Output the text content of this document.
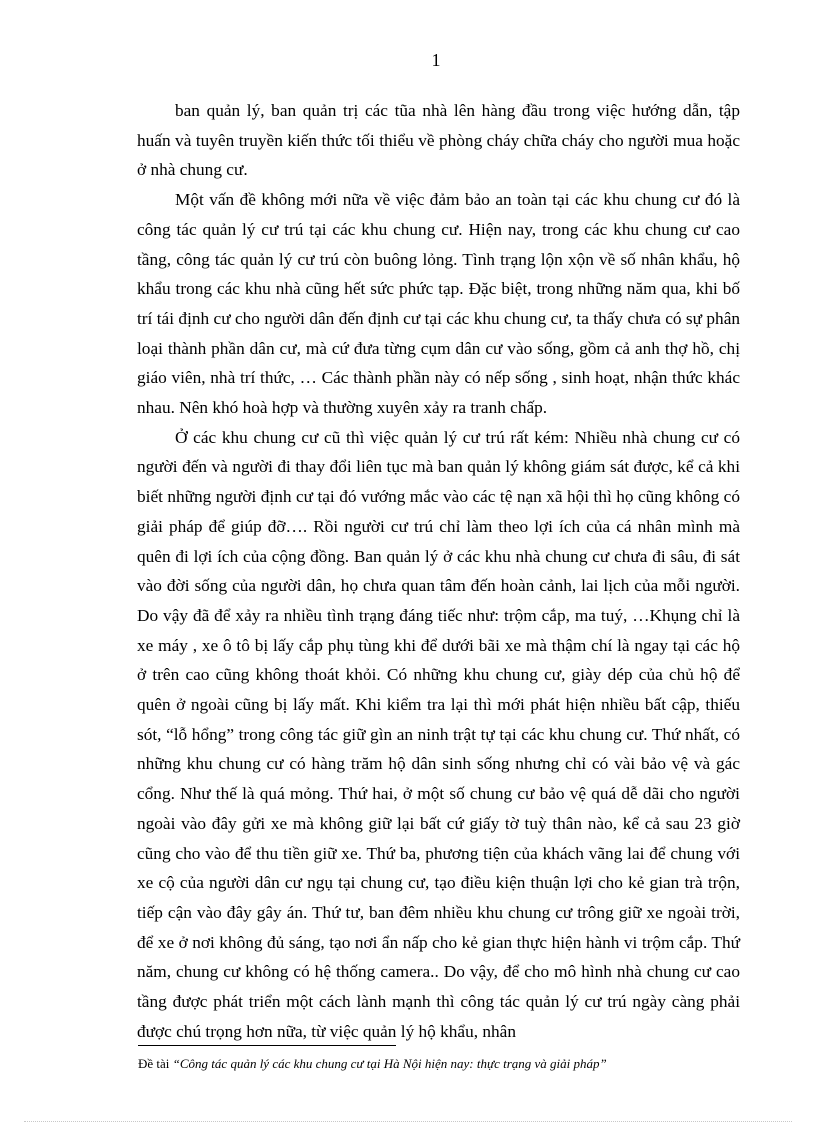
1

ban quản lý, ban quản trị các tũa nhà lên hàng đầu trong việc hướng dẫn, tập huấn và tuyên truyền kiến thức tối thiểu về phòng cháy chữa cháy cho người mua hoặc ở nhà chung cư.

Một vấn đề không mới nữa về việc đảm bảo an toàn tại các khu chung cư đó là công tác quản lý cư trú tại các khu chung cư. Hiện nay, trong các khu chung cư cao tầng, công tác quản lý cư trú còn buông lỏng. Tình trạng lộn xộn về số nhân khẩu, hộ khẩu trong các khu nhà cũng hết sức phức tạp. Đặc biệt, trong những năm qua, khi bố trí tái định cư cho người dân đến định cư tại các khu chung cư, ta thấy chưa có sự phân loại thành phần dân cư, mà cứ đưa từng cụm dân cư vào sống, gồm cả anh thợ hồ, chị giáo viên, nhà trí thức, … Các thành phần này có nếp sống , sinh hoạt, nhận thức khác nhau. Nên khó hoà hợp và thường xuyên xảy ra tranh chấp.

Ở các khu chung cư cũ thì việc quản lý cư trú rất kém: Nhiều nhà chung cư có người đến và người đi thay đổi liên tục mà ban quản lý không giám sát được, kể cả khi biết những người định cư tại đó vướng mắc vào các tệ nạn xã hội thì họ cũng không có giải pháp để giúp đỡ…. Rồi người cư trú chỉ làm theo lợi ích của cá nhân mình mà quên đi lợi ích của cộng đồng. Ban quản lý ở các khu nhà chung cư chưa đi sâu, đi sát vào đời sống của người dân, họ chưa quan tâm đến hoàn cảnh, lai lịch của mỗi người. Do vậy đã để xảy ra nhiều tình trạng đáng tiếc như: trộm cắp, ma tuý, …Khụng chỉ là xe máy , xe ô tô bị lấy cắp phụ tùng khi để dưới bãi xe mà thậm chí là ngay tại các hộ ở trên cao cũng không thoát khỏi. Có những khu chung cư, giày dép của chủ hộ để quên ở ngoài cũng bị lấy mất. Khi kiểm tra lại thì mới phát hiện nhiều bất cập, thiếu sót, “lỗ hổng” trong công tác giữ gìn an ninh trật tự tại các khu chung cư. Thứ nhất, có những khu chung cư có hàng trăm hộ dân sinh sống nhưng chỉ có vài bảo vệ và gác cổng. Như thế là quá mỏng. Thứ hai, ở một số chung cư bảo vệ quá dễ dãi cho người ngoài vào đây gửi xe mà không giữ lại bất cứ giấy tờ tuỳ thân nào, kể cả sau 23 giờ cũng cho vào để thu tiền giữ xe. Thứ ba, phương tiện của khách vãng lai để chung với xe cộ của người dân cư ngụ tại chung cư, tạo điều kiện thuận lợi cho kẻ gian trà trộn, tiếp cận vào đây gây án. Thứ tư, ban đêm nhiều khu chung cư trông giữ xe ngoài trời, để xe ở nơi không đủ sáng, tạo nơi ẩn nấp cho kẻ gian thực hiện hành vi trộm cắp. Thứ năm, chung cư không có hệ thống camera.. Do vậy, để cho mô hình nhà chung cư cao tầng được phát triển một cách lành mạnh thì công tác quản lý cư trú ngày càng phải được chú trọng hơn nữa, từ việc quản lý hộ khẩu, nhân

Đề tài “Công tác quản lý các khu chung cư tại Hà Nội hiện nay: thực trạng và giải pháp”
